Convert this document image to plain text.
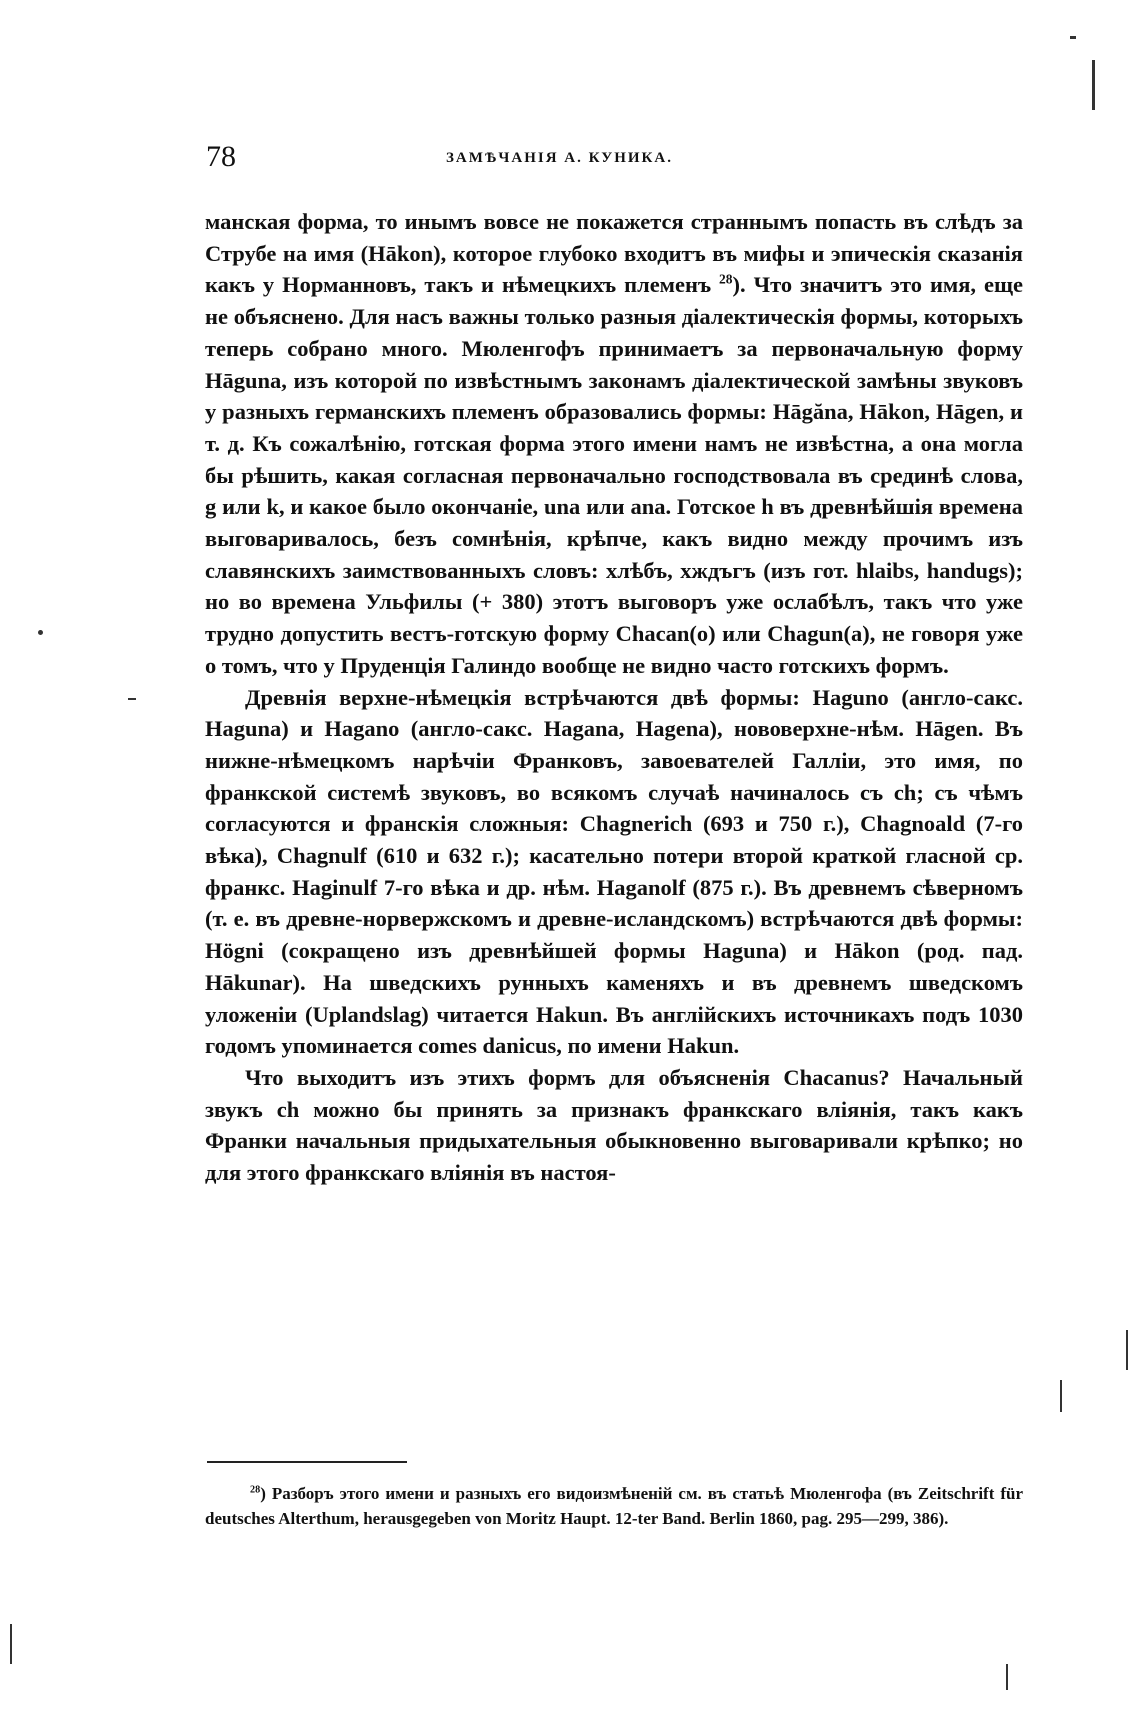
78	ЗАМѢЧАНІЯ А. КУНИКА.

манская форма, то инымъ вовсе не покажется страннымъ попасть въ слѣдъ за Струбе на имя (Hākon), которое глубоко входитъ въ мифы и эпическія сказанія какъ у Норманновъ, такъ и нѣмецкихъ племенъ $^{28}$). Что значитъ это имя, еще не объяснено. Для насъ важны только разныя діалектическія формы, которыхъ теперь собрано много. Мюленгофъ принимаетъ за первоначальную форму Hāguna, изъ которой по извѣстнымъ законамъ діалектической замѣны звуковъ у разныхъ германскихъ племенъ образовались формы: Hāgăna, Hākon, Hāgen, и т. д. Къ сожалѣнію, готская форма этого имени намъ не извѣстна, а она могла бы рѣшить, какая согласная первоначально господствовала въ срединѣ слова, g или k, и какое было окончаніе, una или ana. Готское h въ древнѣйшія времена выговаривалось, безъ сомнѣнія, крѣпче, какъ видно между прочимъ изъ славянскихъ заимствованныхъ словъ: хлѣбъ, хждъгъ (изъ гот. hlaibs, handugs); но во времена Ульфилы (+ 380) этотъ выговоръ уже ослабѣлъ, такъ что уже трудно допустить вестъ-готскую форму Chacan(o) или Chagun(a), не говоря уже о томъ, что у Пруденція Галиндо вообще не видно часто готскихъ формъ.

Древнія верхне-нѣмецкія встрѣчаются двѣ формы: Haguno (англо-сакс. Haguna) и Hagano (англо-сакс. Hagana, Hagena), нововерхне-нѣм. Hāgen. Въ нижне-нѣмецкомъ нарѣчіи Франковъ, завоевателей Галліи, это имя, по франкской системѣ звуковъ, во всякомъ случаѣ начиналось съ ch; съ чѣмъ согласуются и франскія сложныя: Chagnerich (693 и 750 г.), Chagnoald (7-го вѣка), Chagnulf (610 и 632 г.); касательно потери второй краткой гласной ср. франкс. Haginulf 7-го вѣка и др. нѣм. Haganolf (875 г.). Въ древнемъ сѣверномъ (т. е. въ древне-норвержскомъ и древне-исландскомъ) встрѣчаются двѣ формы: Högni (сокращено изъ древнѣйшей формы Haguna) и Hākon (род. пад. Hākunar). На шведскихъ рунныхъ каменяхъ и въ древнемъ шведскомъ уложеніи (Uplandslag) читается Hakun. Въ англійскихъ источникахъ подъ 1030 годомъ упоминается comes danicus, по имени Hakun.

Что выходитъ изъ этихъ формъ для объясненія Chacanus? Начальный звукъ ch можно бы принять за признакъ франкскаго вліянія, такъ какъ Франки начальныя придыхательныя обыкновенно выговаривали крѣпко; но для этого франкскаго вліянія въ настоя-

$^{28}$) Разборъ этого имени и разныхъ его видоизмѣненій см. въ статьѣ Мюленгофа (въ Zeitschrift für deutsches Alterthum, herausgegeben von Moritz Haupt. 12-ter Band. Berlin 1860, pag. 295—299, 386).
